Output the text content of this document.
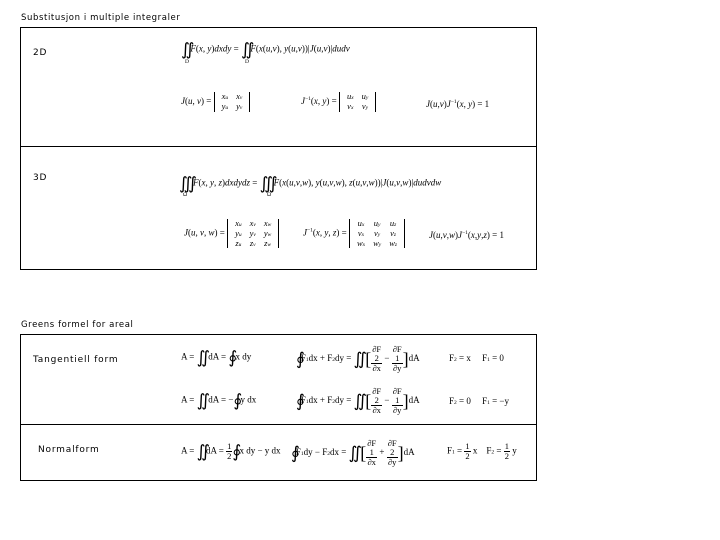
Substitusjon i multiple integraler
2D	∬F(x, y)dxdy = ∬F(x(u,v), y(u,v))|J(u,v)|dudv
D	D
J(u, v) = xu	xv
yu	yv
$J^{-1}(x$, y) = ux	uy
vx	vy	$J(u,v)J^{-1}(x$, y) = 1
3D	∭F(x, y, z)dxdydz = ∭F(x(u,v,w), y(u,v,w), z(u,v,w))|J(u,v,w)|dudvdw
Ω	Ω
J(u, v, w) =
xu	xv	xw
yu	yv	yw
zu	zv	zw
$J^{-1}(x$, y, z) =
ux	uy	uz
vx	vy	vz
wx	wy	wz
$J(u,v,w)J^{-1}(x,y,z) = 1$
Greens formel for areal
Tangentiell form	A = ∬ dA = ∮ x dy	∮F1dx + F2dy = ∬ [ ∂F
2
∂x − ∂F
1
∂y ]dA	F2 = x     F1 = 0
A = ∬ dA = −∮ y dx ∮F1dx + F2dy = ∬ [ ∂F
2
∂x − ∂F
1
∂y ]dA	F2 = 0     F1 = −y
Normalform	A = ∬dA = $\frac{1}{2}$ ∮ x dy − y dx ∮F1dy − F2dx = ∬ [ ∂F
1
∂x + ∂F
2
∂y ]dA	$F1 = \frac{1}{2}$ x    $F2 = \frac{1}{2}$ y
